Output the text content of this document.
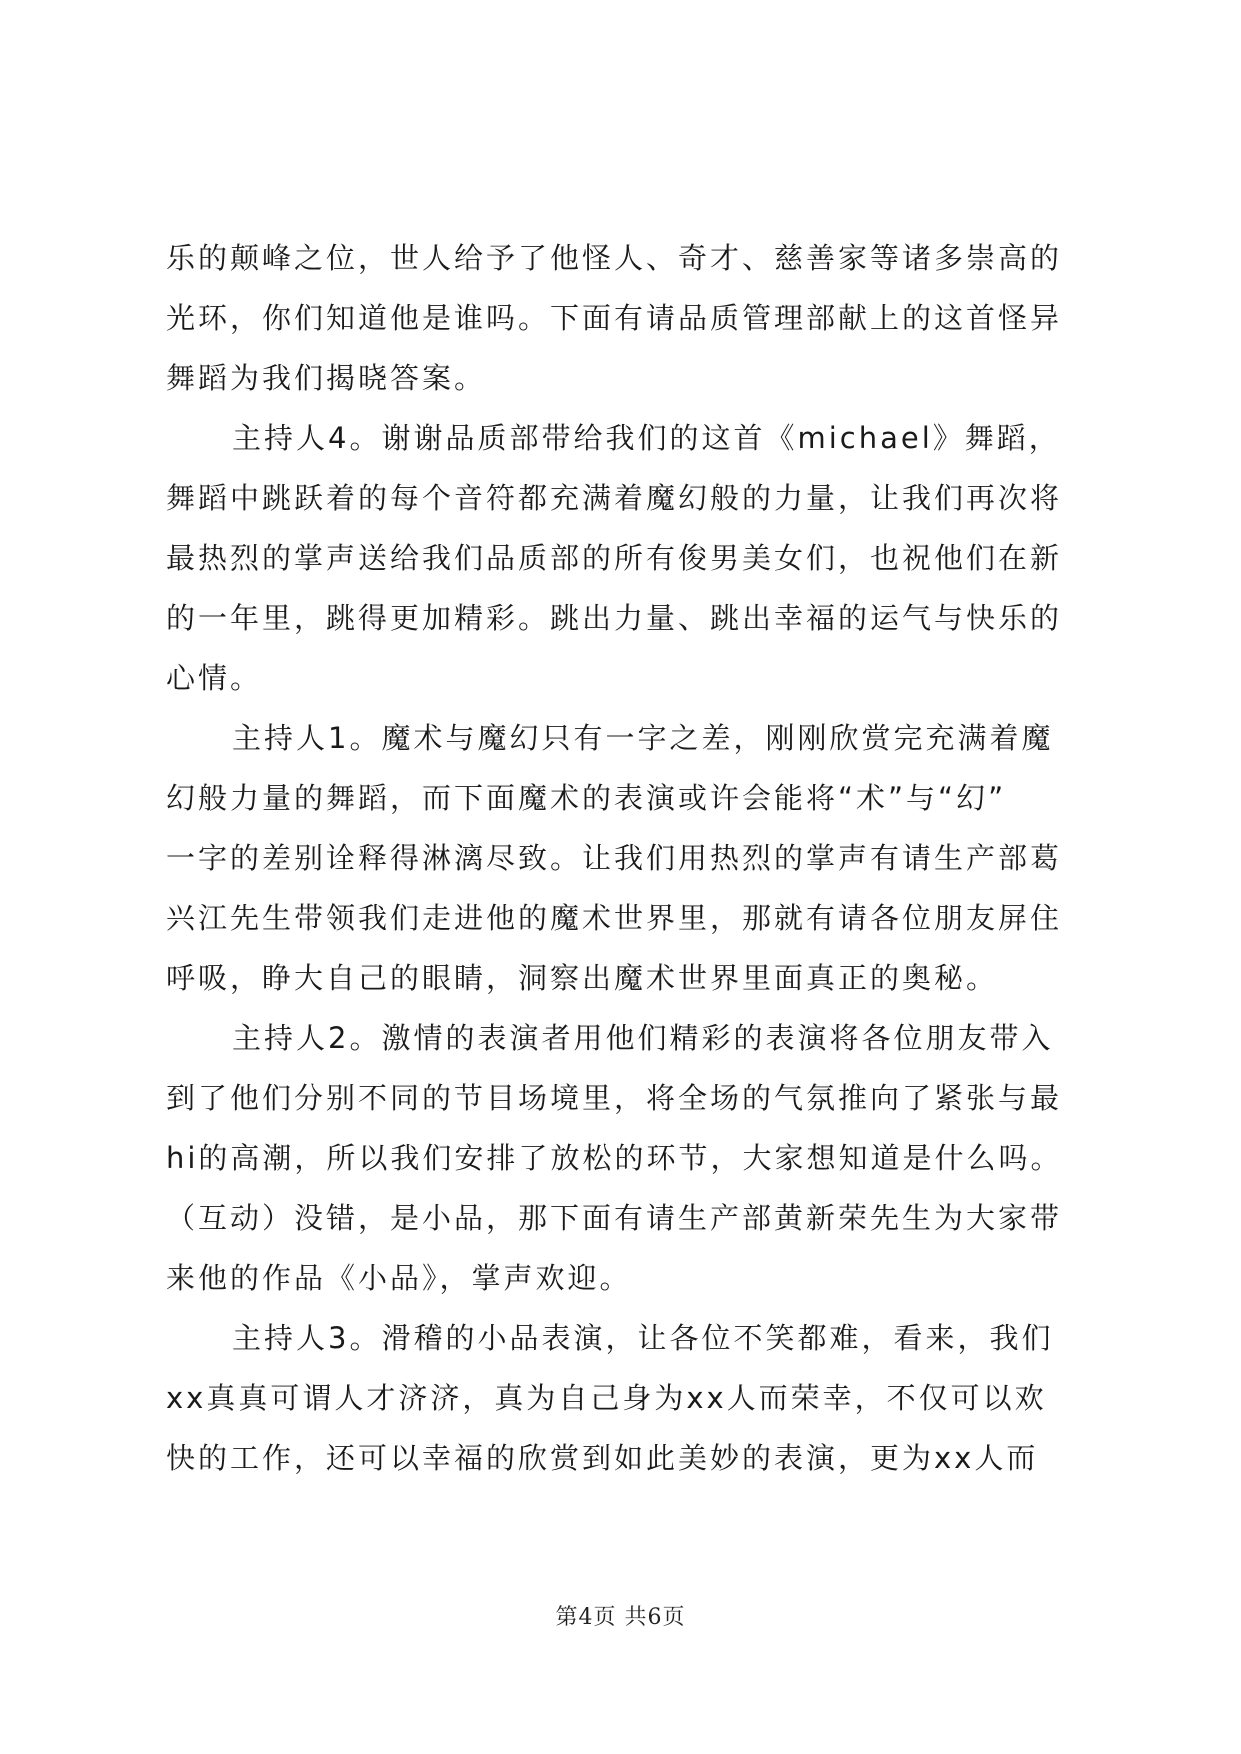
乐的颠峰之位，世人给予了他怪人、奇才、慈善家等诸多崇高的
光环，你们知道他是谁吗。下面有请品质管理部献上的这首怪异
舞蹈为我们揭晓答案。
主持人4。谢谢品质部带给我们的这首《michael》舞蹈，
舞蹈中跳跃着的每个音符都充满着魔幻般的力量，让我们再次将
最热烈的掌声送给我们品质部的所有俊男美女们，也祝他们在新
的一年里，跳得更加精彩。跳出力量、跳出幸福的运气与快乐的
心情。
主持人1。魔术与魔幻只有一字之差，刚刚欣赏完充满着魔
幻般力量的舞蹈，而下面魔术的表演或许会能将“术”与“幻”
一字的差别诠释得淋漓尽致。让我们用热烈的掌声有请生产部葛
兴江先生带领我们走进他的魔术世界里，那就有请各位朋友屏住
呼吸，睁大自己的眼睛，洞察出魔术世界里面真正的奥秘。
主持人2。激情的表演者用他们精彩的表演将各位朋友带入
到了他们分别不同的节目场境里，将全场的气氛推向了紧张与最
hi的高潮，所以我们安排了放松的环节，大家想知道是什么吗。
（互动）没错，是小品，那下面有请生产部黄新荣先生为大家带
来他的作品《小品》，掌声欢迎。
主持人3。滑稽的小品表演，让各位不笑都难，看来，我们
xx真真可谓人才济济，真为自己身为xx人而荣幸，不仅可以欢
快的工作，还可以幸福的欣赏到如此美妙的表演，更为xx人而
第4页 共6页
